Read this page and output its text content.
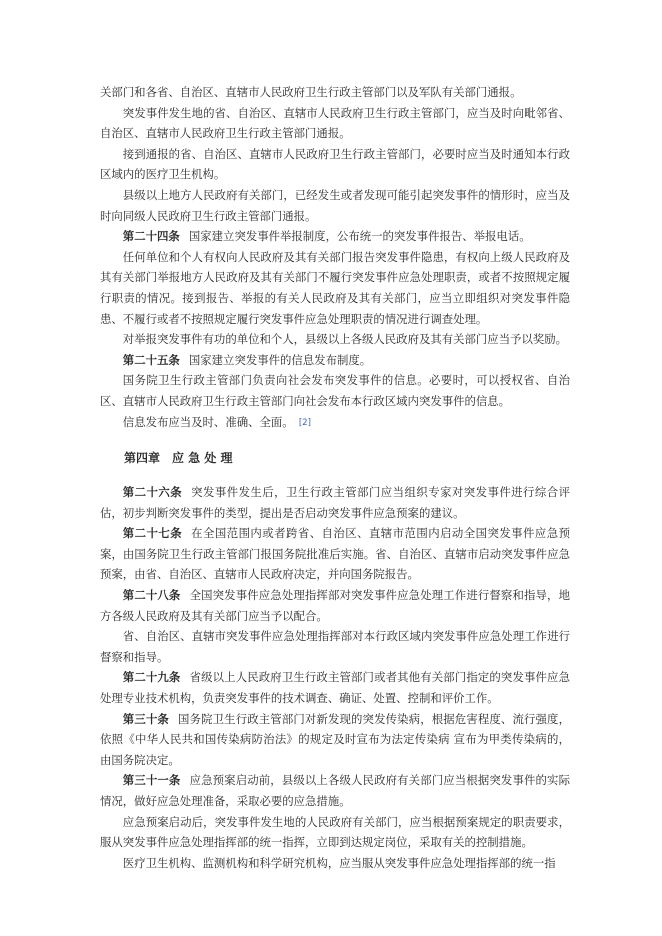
关部门和各省、自治区、直辖市人民政府卫生行政主管部门以及军队有关部门通报。

突发事件发生地的省、自治区、直辖市人民政府卫生行政主管部门，应当及时向毗邻省、自治区、直辖市人民政府卫生行政主管部门通报。

接到通报的省、自治区、直辖市人民政府卫生行政主管部门，必要时应当及时通知本行政区域内的医疗卫生机构。

县级以上地方人民政府有关部门，已经发生或者发现可能引起突发事件的情形时，应当及时向同级人民政府卫生行政主管部门通报。

第二十四条 国家建立突发事件举报制度，公布统一的突发事件报告、举报电话。

任何单位和个人有权向人民政府及其有关部门报告突发事件隐患，有权向上级人民政府及其有关部门举报地方人民政府及其有关部门不履行突发事件应急处理职责，或者不按照规定履行职责的情况。接到报告、举报的有关人民政府及其有关部门，应当立即组织对突发事件隐患、不履行或者不按照规定履行突发事件应急处理职责的情况进行调查处理。

对举报突发事件有功的单位和个人，县级以上各级人民政府及其有关部门应当予以奖励。

第二十五条 国家建立突发事件的信息发布制度。

国务院卫生行政主管部门负责向社会发布突发事件的信息。必要时，可以授权省、自治区、直辖市人民政府卫生行政主管部门向社会发布本行政区域内突发事件的信息。

信息发布应当及时、准确、全面。 [2]

第四章　应 急 处 理

第二十六条 突发事件发生后，卫生行政主管部门应当组织专家对突发事件进行综合评估，初步判断突发事件的类型，提出是否启动突发事件应急预案的建议。

第二十七条 在全国范围内或者跨省、自治区、直辖市范围内启动全国突发事件应急预案，由国务院卫生行政主管部门报国务院批准后实施。省、自治区、直辖市启动突发事件应急预案，由省、自治区、直辖市人民政府决定，并向国务院报告。

第二十八条 全国突发事件应急处理指挥部对突发事件应急处理工作进行督察和指导，地方各级人民政府及其有关部门应当予以配合。

省、自治区、直辖市突发事件应急处理指挥部对本行政区域内突发事件应急处理工作进行督察和指导。

第二十九条 省级以上人民政府卫生行政主管部门或者其他有关部门指定的突发事件应急处理专业技术机构，负责突发事件的技术调查、确证、处置、控制和评价工作。

第三十条 国务院卫生行政主管部门对新发现的突发传染病，根据危害程度、流行强度，依照《中华人民共和国传染病防治法》的规定及时宣布为法定传染病 宣布为甲类传染病的，由国务院决定。

第三十一条 应急预案启动前，县级以上各级人民政府有关部门应当根据突发事件的实际情况，做好应急处理准备，采取必要的应急措施。

应急预案启动后，突发事件发生地的人民政府有关部门，应当根据预案规定的职责要求，服从突发事件应急处理指挥部的统一指挥，立即到达规定岗位，采取有关的控制措施。

医疗卫生机构、监测机构和科学研究机构，应当服从突发事件应急处理指挥部的统一指
